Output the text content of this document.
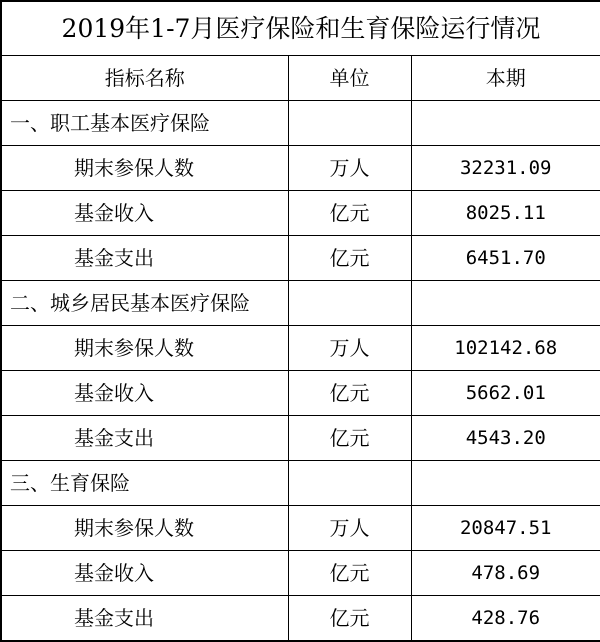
2019年1-7月医疗保险和生育保险运行情况		
指标名称	单位	本期
一、职工基本医疗保险		
期末参保人数	万人	32231.09
基金收入	亿元	8025.11
基金支出	亿元	6451.70
二、城乡居民基本医疗保险		
期末参保人数	万人	102142.68
基金收入	亿元	5662.01
基金支出	亿元	4543.20
三、生育保险		
期末参保人数	万人	20847.51
基金收入	亿元	478.69
基金支出	亿元	428.76
